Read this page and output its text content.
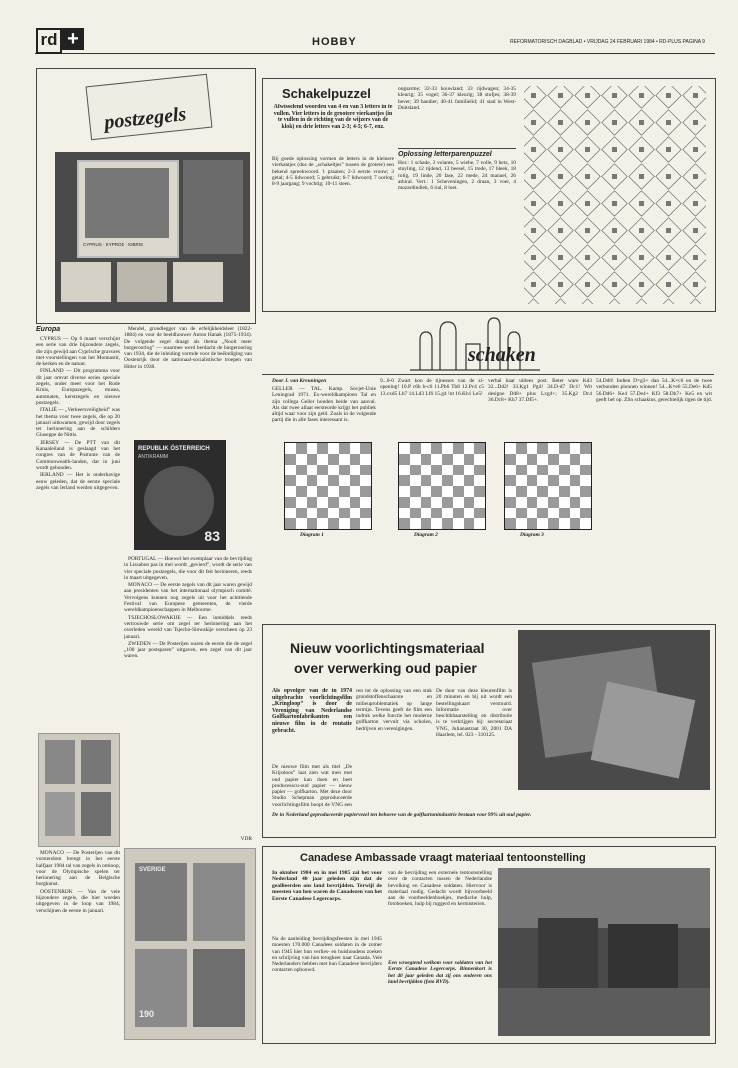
rd +	HOBBY	REFORMATORISCH DAGBLAD • VRIJDAG 24 FEBRUARI 1984 • RD-PLUS PAGINA 9
postzegels
CYPRUS · KYPROΣ · KIBRIS
Europa

CYPRUS — Op 6 maart verschijnt een serie van drie bijzondere zegels, die zijn gewijd aan Cyprische gravures met voorstellingen van het Monnastir, de kerken en de natuur.

FINLAND — Dit programma voor dit jaar omvat diverse series speciale zegels, onder meer voor het Rode Kruis, Europazegels, musea, automaten, kerstzegels en nieuwe postzegels.

ITALIË — „Verkeersveiligheid” was het thema voor twee zegels, die op 20 januari uitkwamen, gewijd door zegels ter herinnering aan de schilders Giuseppe de Nittis.

JERSEY — De PTT van dit Kanaaleiland is geslaagd van het congres van de Postunie van de Commonwealth-landen, dat in juni wordt gehouden.

IERLAND — Het is onderhavige eeuw geleden, dat de eerste speciale zegels van Ierland werden uitgegeven.

Mendel, grondlegger van de erfelijkheidsleer (1822-1884) en voor de beeldhouwer Anton Hanak (1875-1934). De volgende zegel draagt als thema „Nooit meer burgeroorlog” — waarmee werd herdacht de burgeroorlog van 1934, die de inleiding vormde voor de beëindiging van Oostenrijk door de nationaal-socialistische troepen van Hitler in 1938.

REPUBLIK ÖSTERREICH
ANTIKRAMM
83

PORTUGAL — Hoewel het exemplaar van de bevrijding in Lissabon pas in mei wordt „gevierd”, wordt de serie van vier speciale postzegels, die voor dit feit herinneren, reeds in maart uitgegeven.

MONACO — De eerste zegels van dit jaar waren gewijd aan presidenten van het internationaal olympisch comité. Vervolgens kunnen nog zegels uit voor het achttiende Festival van Europese gemeenten, de vierde wereldkampioenschappen in Melbourne.

TSJECHOSLOWAKIJE — Een inmiddels reeds vertrouwde serie om zegel ter herinnering aan het overleden wereld van Tsjecho-Slowakije verscheen op 23 januari.

ZWEDEN — De Posterijen waren de eerste die de zegel „100 jaar postsparen” uitgaven, een zegel van dit jaar waren.

VDR

MONACO — De Posterijen van dit vorstendom brengt in het eerste halfjaar 1984 tal van zegels in omloop, voor de Olympische spelen ter herinnering aan de Belgische borgkunst.

OOSTENRIJK — Van de vele bijzondere zegels, die hier worden uitgegeven in de loop van 1984, verschijnen de eerste in januari.

SVERIGE
190
Schakelpuzzel
Afwisselend woorden van 4 en van 3 letters in te vullen. Vier letters in de grootere vierkantjes (in te vullen in de richting van de wijzers van de klok) en drie letters van 2-3; 4-5; 6-7, enz.
Bij goede oplossing vormen de letters in de kleinere vierkantjes (dus de „schakeltjes” tussen de grotere) een bekend spreekwoord. 1 praalen; 2-3 eerste vrouw; 3 getal; 4-5 lidwoord; 5 gebruikt; 6-7 lidwoord; 7 oorlog; 8-9 jaargang; 9 vochtig; 10-11 steen.
ongsarme; 32-33 houwland; 33 rijdwagen; 34-35 kleurig; 35 vogel; 36-37 kleurig; 38 stofjes; 38-39 bever; 39 bandier; 40-41 familielid; 41 stad in West-Duitsland.
Oplossing letterparenpuzzel
Hor.: 1 schade, 3 volante, 5 wiebe, 7 volle, 9 hetz, 10 stuyling, 12 rijdend, 13 beesel, 15 trede, 17 bleek, 18 rolig, 19 linde, 20 fase, 22 mede, 24 manuel, 26 athiral. Vert.: 1 Scheveningen, 2 draan, 3 voer, 4 mozardindiek, 6 rial, 8 loet.
schaken
Door J. van Kreuningen
GELLER — TAL. Kamp. Sovjet-Unie Leningrad 1971. Ex-wereldkampioen Tal en zijn collega Geller houden beide van aanval. Als dat twee allaat eersteorde krijgt het publiek altijd waar voor zijn geld. Zoals in de volgende partij die in alle fases interessant is.
9...0-0 Zwart kon de tijnesses van de zi-opening! 10.P c6b h-c6 11.Pb6 Tb8 12.Pc4 c5 13.cxd5 Lb7 14.Ld3 Lf6 15.g4 !nt 16.Kh1 Le5!
verbal haar uitlees post. Beter ware Kd3 32...Dd2! 33.Kg1 Pg4! 34.D-d7 Dc1! Wit designe Dd8+ plus Lxg4+; 35.Kg2 Dc4 36.Dc8+ Kh7 37.Df5+.
54.Dd6! Indien D×g3+ dan 54...K×c6 en de twee verbonden pionnen winnen! 54...K×e6 55.De6+ Kd5 56.Dd6+ Ke4 57.De4+ Kf3 58.Dh7+ Ke5 en wit geeft het op. Zlin schaakius, gerechtelijk tigen de tijd.
Diagram 1	Diagram 2	Diagram 3
Nieuw voorlichtingsmateriaal
over verwerking oud papier
Als opvolger van de in 1974 uitgebrachte voorlichtingsfilm „Kringloop” is door de Vereniging van Nederlandse Golfkartonfabrikanten een nieuwe film in de routatie gebracht.
De nieuwe film met als titel „De Krijsdoos” laat zien wat men met oud papier kan doen en heet producesscu-oud papier — nieuw papier — golfkarton. Met deze door Studio Schepman geproduceerde voorlichtingsfilm hoopt de VNG een
ren tot de oplossing van een stuk grondstoffenschaarste en milieuproblematiek op lange termijn. Tevens geeft de film een indruk welke functie het moderne golfkarton vervult via scholen, bedrijven en verenigingen.
De duur van deze kleurenfilm is 20 minuten en bij uit wordt een bestellingskaart verstuurd. Informatie over beschikbaarstelling en distributie is te verkrijgen bij: secretariaat VNG, Julianastraat 30, 2001 DA Haarlem, tel. 023 - 310125.
De in Nederland geproduceerde papiervezel ten behoeve van de golfkartonindustrie bestaan voor 99% uit oud papier.
Canadese Ambassade vraagt materiaal tentoonstelling
In oktober 1984 en in mei 1985 zal het voor Nederland 40 jaar geleden zijn dat de geallieerden ons land bevrijdden. Terwijl de meesten van hen waren de Canadezen van het Eerste Canadese Legercorps.
Na de aanleiding bevrijdingsfeesten in mei 1945 moesten 170.000 Canadees soldaten in de zomer van 1945 hier hun verlies- en huishoudens zoeken en schrijving van hun terugkeer naar Canada. Vele Nederlanders hebben met hun Canadese bevrijders contacten opbouwd.
van de bevrijding een externele tentoonstelling over de contacten tussen de Nederlandse bevolking en Canadese soldaten. Hiervoor is materiaal nodig. Gedacht wordt bijvoorbeeld aan de voorbeeldenboekjes, medische hulp, fotoboeken, hulp bij ruggerd en kermisterien.
Een wroegtend welkom voor soldaten van het Eerste Canadese Legercorps. Binnenkort is het 40 jaar geleden dat zij ons onderen ons land bevrijdden (foto RVD).
